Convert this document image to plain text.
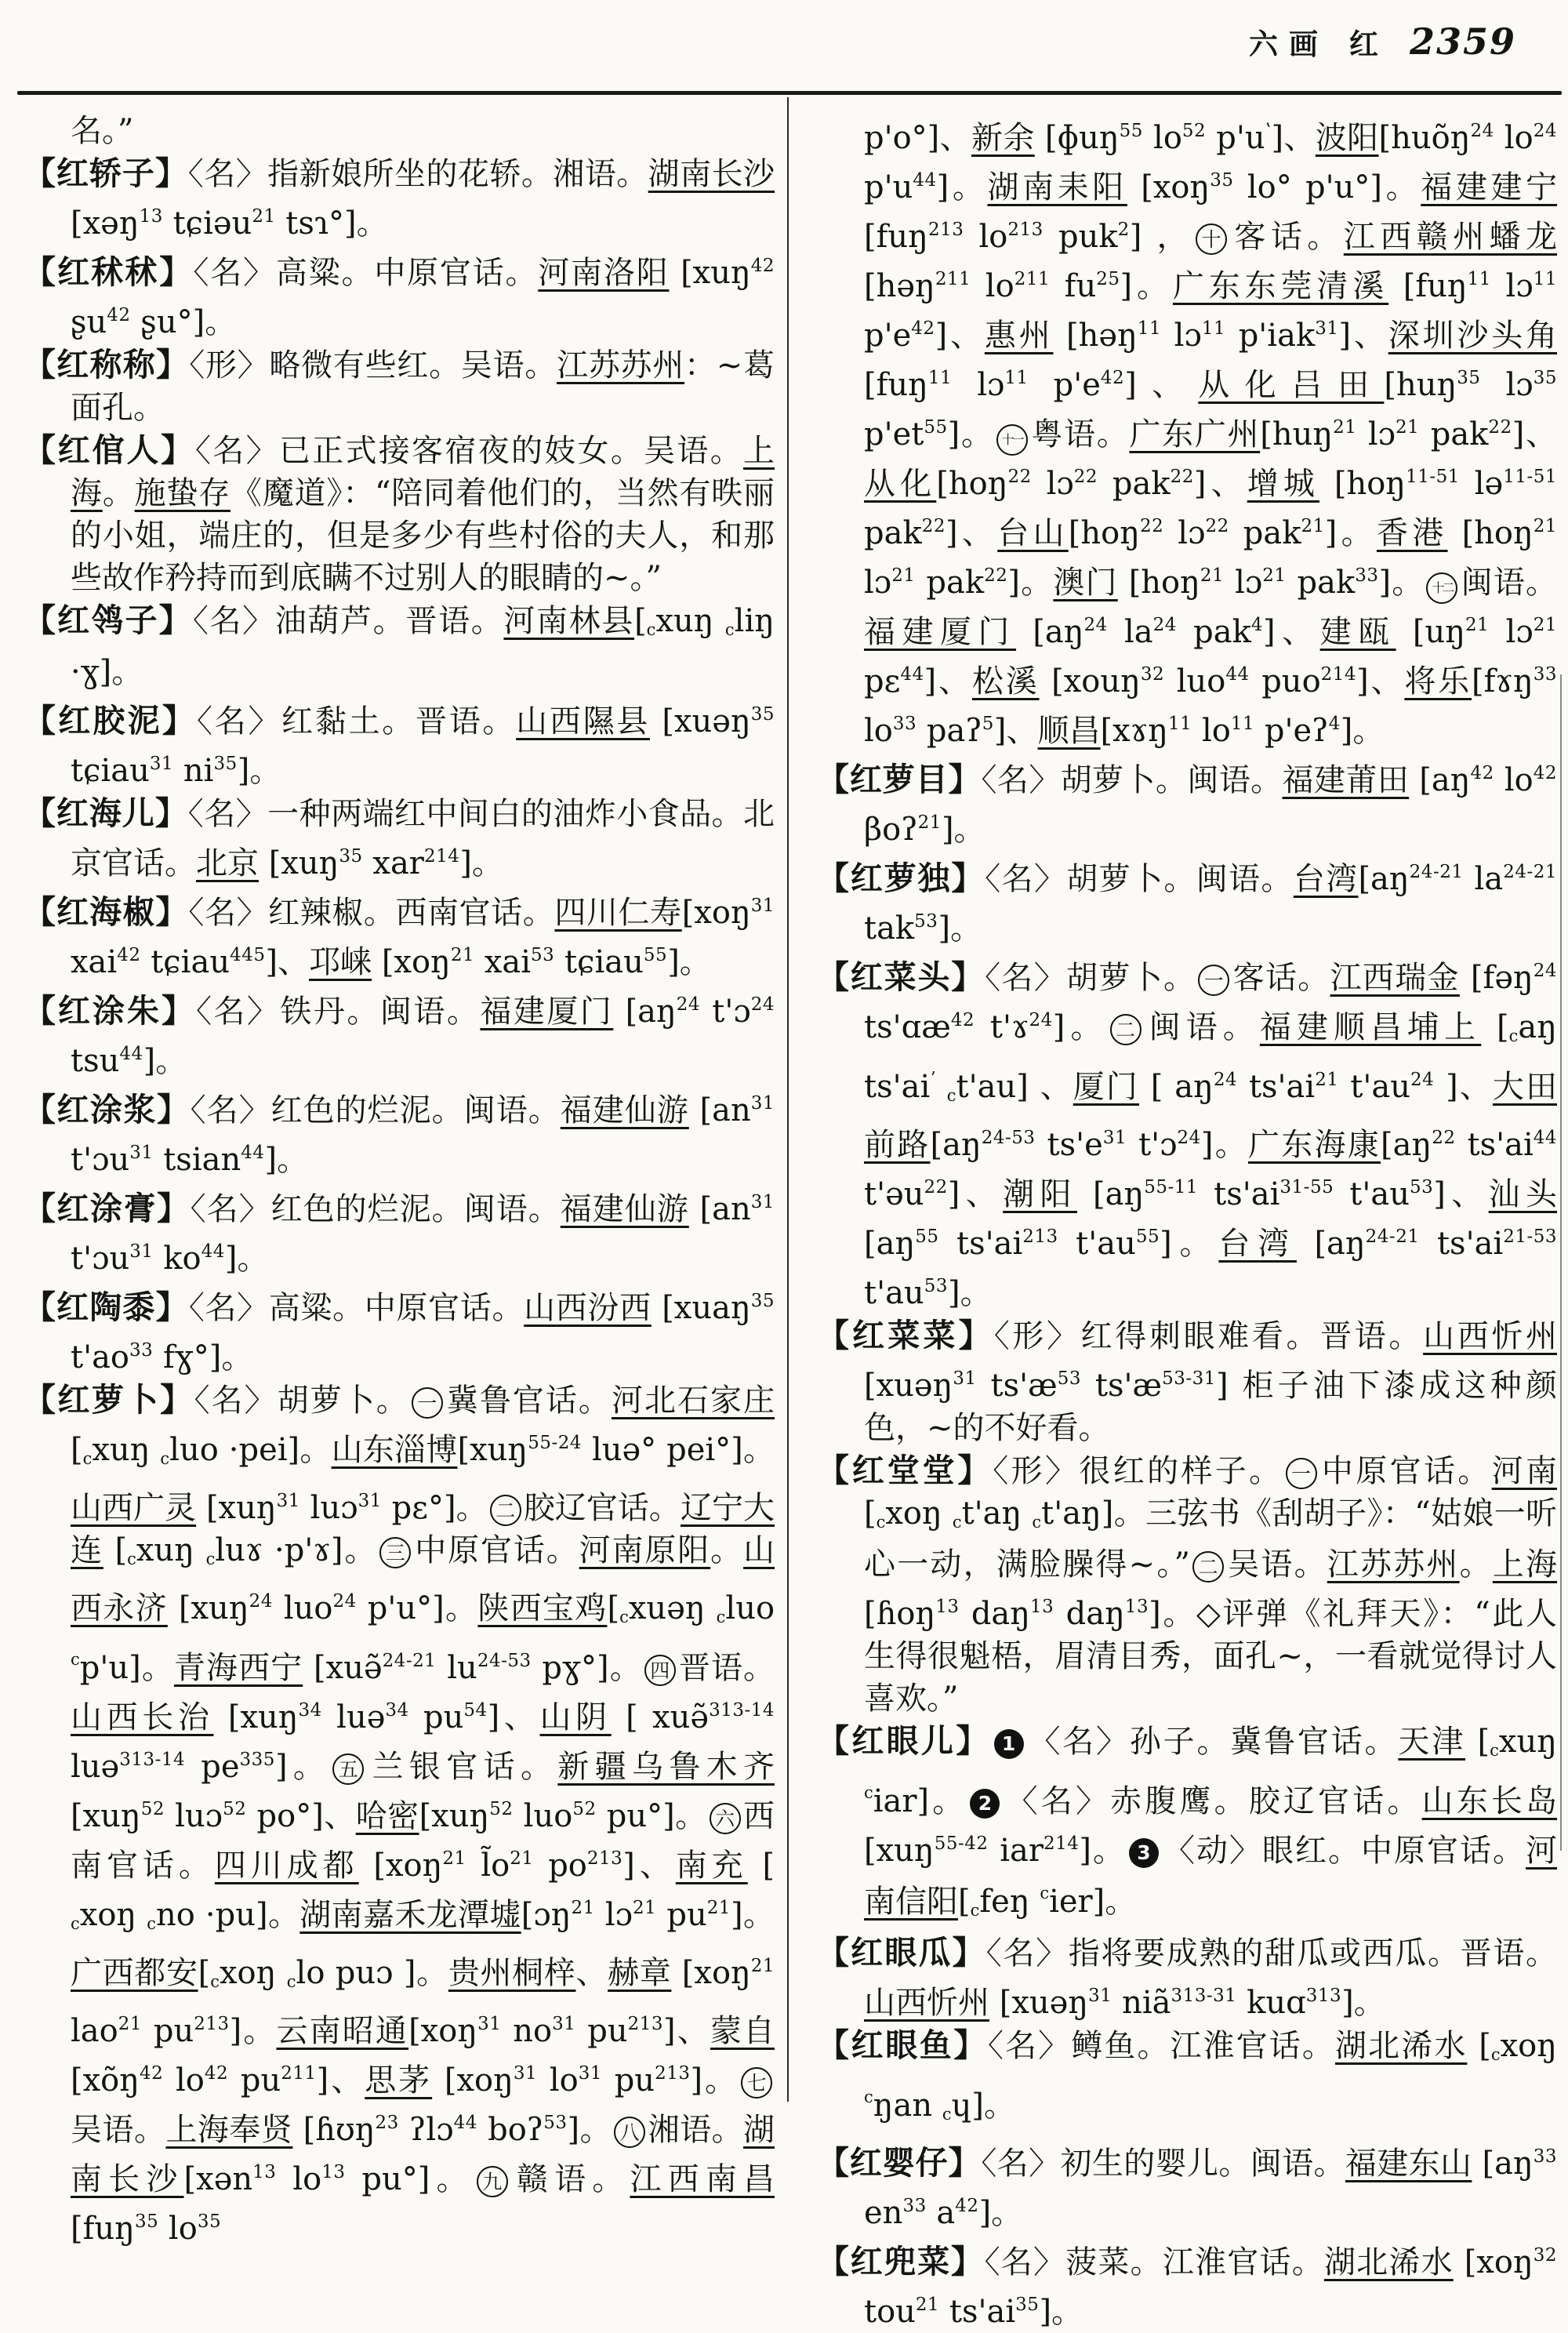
六画 红 2359
名。”
【红轿子】〈名〉指新娘所坐的花轿。湘语。湖南长沙 [xəŋ$^{13}$ tɕiəu$^{21}$ tsɿ°]。
【红秫秫】〈名〉高粱。中原官话。河南洛阳 [xuŋ$^{42}$ ʂu$^{42}$ ʂu°]。
【红称称】〈形〉略微有些红。吴语。江苏苏州：~葛面孔。
【红倌人】〈名〉已正式接客宿夜的妓女。吴语。上海。施蛰存《魔道》：“陪同着他们的，当然有昳丽的小姐，端庄的，但是多少有些村俗的夫人，和那些故作矜持而到底瞒不过别人的眼睛的~。”
【红鸰子】〈名〉油葫芦。晋语。河南林县[cxuŋ cliŋ ·ɣ]。
【红胶泥】〈名〉红黏土。晋语。山西隰县 [xuəŋ$^{35}$ tɕiau$^{31}$ $ni^{35}$]。
【红海儿】〈名〉一种两端红中间白的油炸小食品。北京官话。北京 [xuŋ$^{35}$ xar$^{214}$]。
【红海椒】〈名〉红辣椒。西南官话。四川仁寿[xoŋ$^{31}$ xai$^{42}$ tɕiau$^{445}$]、邛崃 [xoŋ$^{21}$ xai$^{53}$ tɕiau$^{55}$]。
【红涂朱】〈名〉铁丹。闽语。福建厦门 [$aŋ^{24}$ t'ɔ$^{24}$ tsu$^{44}$]。
【红涂浆】〈名〉红色的烂泥。闽语。福建仙游 [$an^{31}$ t'ɔu$^{31}$ tsian$^{44}$]。
【红涂膏】〈名〉红色的烂泥。闽语。福建仙游 [$an^{31}$ t'ɔu$^{31}$ $ko^{44}$]。
【红陶黍】〈名〉高粱。中原官话。山西汾西 [xuaŋ$^{35}$ $t'ao^{33}$ fɣ°]。
【红萝卜】〈名〉胡萝卜。 一 冀鲁官话。河北石家庄[cxuŋ cluo ·pei]。山东淄博[xuŋ$^{55-24}$ luə° pei°]。山西广灵 [xuŋ$^{31}$ luɔ$^{31}$ pɛ°]。 二 胶辽官话。辽宁大连 [cxuŋ cluɤ ·p'ɤ]。 三 中原官话。河南原阳。山西永济 [xuŋ$^{24}$ luo$^{24}$ p'u°]。陕西宝鸡[cxuəŋ cluo $^c$p'u]。青海西宁 [xuə̃$^{24-21}$ $lu^{24-53}$ pɣ°]。 四 晋语。山西长治 [xuŋ$^{34}$ luə$^{34}$ $pu^{54}$]、山阴 [ xuə̃$^{313-14}$ luə$^{313-14}$ $pe^{335}$]。 五 兰银官话。新疆乌鲁木齐 [xuŋ$^{52}$ luɔ$^{52}$ po°]、哈密[xuŋ$^{52}$ luo$^{52}$ pu°]。 六 西南官话。四川成都 [xoŋ$^{21}$ $l̃o^{21}$ $po^{213}$]、南充 [ cxoŋ cno ·pu]。湖南嘉禾龙潭墟[ɔŋ$^{21}$ lɔ$^{21}$ $pu^{21}$]。广西都安[cxoŋ clo puɔ ]。贵州桐梓、赫章 [xoŋ$^{21}$ lao$^{21}$ $pu^{213}$]。云南昭通[xoŋ$^{31}$ $no^{31}$ $pu^{213}$]、蒙自[xõŋ$^{42}$ $lo^{42}$ $pu^{211}$]、思茅 [xoŋ$^{31}$ $lo^{31}$ $pu^{213}$]。 七吴语。上海奉贤 [ɦʊŋ$^{23}$ ʔlɔ$^{44}$ boʔ$^{53}$]。 八 湘语。湖南长沙[xən$^{13}$ $lo^{13}$ pu°]。 九 赣语。江西南昌 [fuŋ$^{35}$ $lo^{35}$
p'o°]、新余 [ɸuŋ$^{55}$ $lo^{52}$ $p'u^ʽ$]、波阳[huõŋ$^{24}$ $lo^{24}$ $p'u^{44}$]。湖南耒阳 [xoŋ$^{35}$ lo° p'u°]。福建建宁[fuŋ$^{213}$ $lo^{213}$ puk$^2$] ， 十 客话。江西赣州蟠龙 [həŋ$^{211}$ $lo^{211}$ $fu^{25}$]。广东东莞清溪 [fuŋ$^{11}$ lɔ$^{11}$ $p'e^{42}$]、惠州 [həŋ$^{11}$ lɔ$^{11}$ p'iak$^{31}$]、深圳沙头角[fuŋ$^{11}$ lɔ$^{11}$ $p'e^{42}$]、从化吕田[huŋ$^{35}$ lɔ$^{35}$ $p'et^{55}$]。 十一 粤语。广东广州[huŋ$^{21}$ lɔ$^{21}$ pak$^{22}$]、从化[hoŋ$^{22}$ lɔ$^{22}$ pak$^{22}$]、增城 [hoŋ$^{11-51}$ lə$^{11-51}$ pak$^{22}$]、台山[hoŋ$^{22}$ lɔ$^{22}$ pak$^{21}$]。香港 [hoŋ$^{21}$ lɔ$^{21}$ pak$^{22}$]。澳门 [hoŋ$^{21}$ lɔ$^{21}$ pak$^{33}$]。 十二 闽语。福建厦门 [$aŋ^{24}$ $la^{24}$ pak$^4$]、建瓯 [$uŋ^{21}$ lɔ$^{21}$ pɛ$^{44}$]、松溪 [xouŋ$^{32}$ luo$^{44}$ puo$^{214}$]、将乐[fɤŋ$^{33}$ $lo^{33}$ paʔ$^5$]、顺昌[xɤŋ$^{11}$ $lo^{11}$ p'eʔ$^4$]。
【红萝目】〈名〉胡萝卜。闽语。福建莆田 [$aŋ^{42}$ $lo^{42}$ βoʔ$^{21}$]。
【红萝独】〈名〉胡萝卜。闽语。台湾[$aŋ^{24-21}$ $la^{24-21}$ tak$^{53}$]。
【红菜头】〈名〉胡萝卜。 一 客话。江西瑞金 [fəŋ$^{24}$ ts'ɑæ$^{42}$ t'ɤ$^{24}$]。 二 闽语。福建顺昌埔上 [caŋ $ts'ai^ʼ$ ct'au] 、厦门 [ $aŋ^{24}$ $ts'ai^{21}$ $t'au^{24}$ ]、大田前路[$aŋ^{24-53}$ $ts'e^{31}$ t'ɔ$^{24}$]。广东海康[$aŋ^{22}$ $ts'ai^{44}$ t'əu$^{22}$]、潮阳 [$aŋ^{55-11}$ $ts'ai^{31-55}$ $t'au^{53}$]、汕头[$aŋ^{55}$ $ts'ai^{213}$ $t'au^{55}$]。台湾 [$aŋ^{24-21}$ $ts'ai^{21-53}$ $t'au^{53}$]。
【红菜菜】〈形〉红得刺眼难看。晋语。山西忻州[xuəŋ$^{31}$ $ts'æ^{53}$ $ts'æ^{53-31}$] 柜子油下漆成这种颜色，~的不好看。
【红堂堂】〈形〉很红的样子。 一 中原官话。河南[cxoŋ ct'aŋ ct'aŋ]。三弦书《刮胡子》：“姑娘一听心一动，满脸臊得~。” 二 吴语。江苏苏州。上海[ɦoŋ$^{13}$ daŋ$^{13}$ daŋ$^{13}$]。◇评弹《礼拜天》：“此人生得很魁梧，眉清目秀，面孔~，一看就觉得讨人喜欢。”
【红眼儿】 1 〈名〉孙子。冀鲁官话。天津 [cxuŋ $^c$iar]。 2 〈名〉赤腹鹰。胶辽官话。山东长岛 [xuŋ$^{55-42}$ iar$^{214}$]。 3 〈动〉眼红。中原官话。河南信阳[cfeŋ $^c$ier]。
【红眼瓜】〈名〉指将要成熟的甜瓜或西瓜。晋语。山西忻州 [xuəŋ$^{31}$ niã$^{313-31}$ kuɑ$^{313}$]。
【红眼鱼】〈名〉鳟鱼。江淮官话。湖北浠水 [cxoŋ $^c$ŋan cɥ]。
【红婴仔】〈名〉初生的婴儿。闽语。福建东山 [$aŋ^{33}$ $en^{33}$ $a^{42}$]。
【红兜菜】〈名〉菠菜。江淮官话。湖北浠水 [xoŋ$^{32}$ tou$^{21}$ $ts'ai^{35}$]。
